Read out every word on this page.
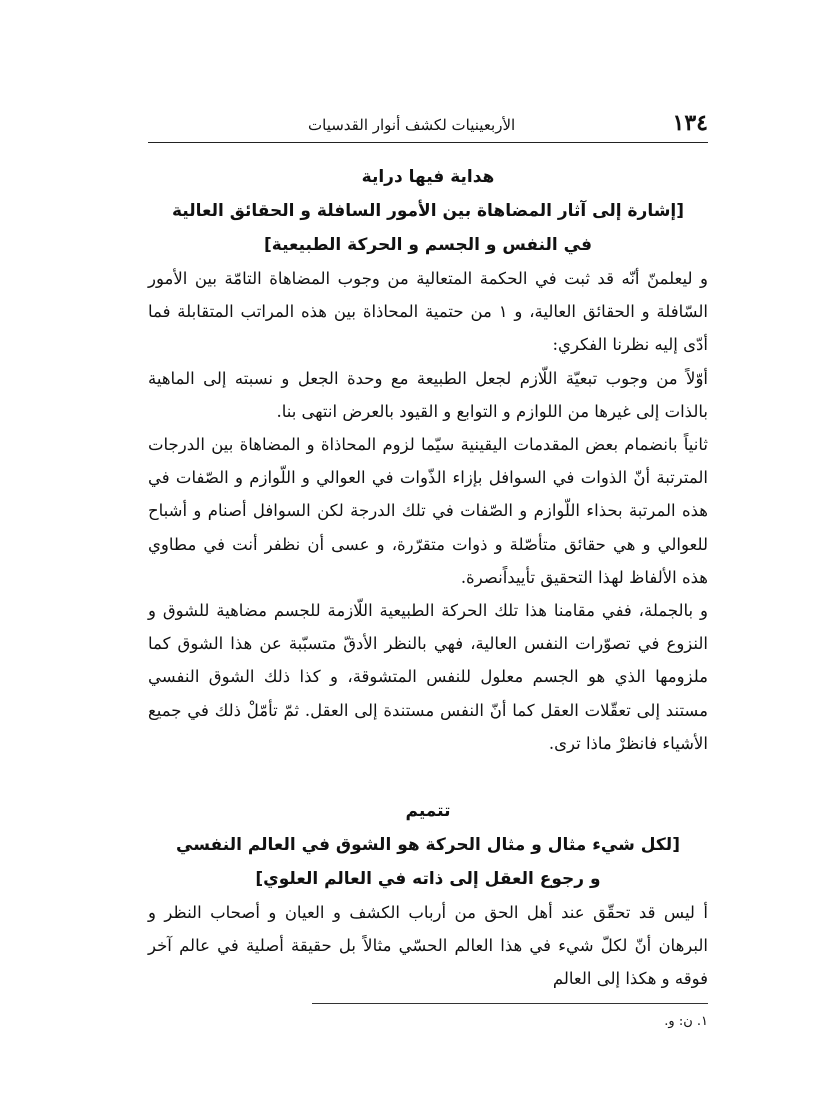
١٣٤
الأربعينيات لكشف أنوار القدسيات
هداية فيها دراية
[إشارة إلى آثار المضاهاة بين الأمور السافلة و الحقائق العالية
في النفس و الجسم و الحركة الطبيعية]

و ليعلمنّ أنّه قد ثبت في الحكمة المتعالية من وجوب المضاهاة التامّة بين الأمور السّافلة و الحقائق العالية، و ١ من حتمية المحاذاة بين هذه المراتب المتقابلة فما أدّى إليه نظرنا الفكري:

أوّلاً من وجوب تبعيّة اللّازم لجعل الطبيعة مع وحدة الجعل و نسبته إلى الماهية بالذات إلى غيرها من اللوازم و التوابع و القيود بالعرض انتهى بنا.

ثانياً بانضمام بعض المقدمات اليقينية سيّما لزوم المحاذاة و المضاهاة بين الدرجات المترتبة أنّ الذوات في السوافل بإزاء الذّوات في العوالي و اللّوازم و الصّفات في هذه المرتبة بحذاء اللّوازم و الصّفات في تلك الدرجة لكن السوافل أصنام و أشباح للعوالي و هي حقائق متأصّلة و ذوات متقرّرة، و عسى أن نظفر أنت في مطاوي هذه الألفاظ لهذا التحقيق تأييداًنصرة.

و بالجملة، ففي مقامنا هذا تلك الحركة الطبيعية اللّازمة للجسم مضاهية للشوق و النزوع في تصوّرات النفس العالية، فهي بالنظر الأدقّ متسبّبة عن هذا الشوق كما ملزومها الذي هو الجسم معلول للنفس المتشوقة، و كذا ذلك الشوق النفسي مستند إلى تعقّلات العقل كما أنّ النفس مستندة إلى العقل. ثمّ تأمّلْ ذلك في جميع الأشياء فانظرْ ماذا ترى.

تتميم
[لكل شيء مثال و مثال الحركة هو الشوق في العالم النفسي
و رجوع العقل إلى ذاته في العالم العلوي]

أ ليس قد تحقّق عند أهل الحق من أرباب الكشف و العيان و أصحاب النظر و البرهان أنّ لكلّ شيء في هذا العالم الحسّي مثالاً بل حقيقة أصلية في عالم آخر فوقه و هكذا إلى العالم

١. ن: و.
